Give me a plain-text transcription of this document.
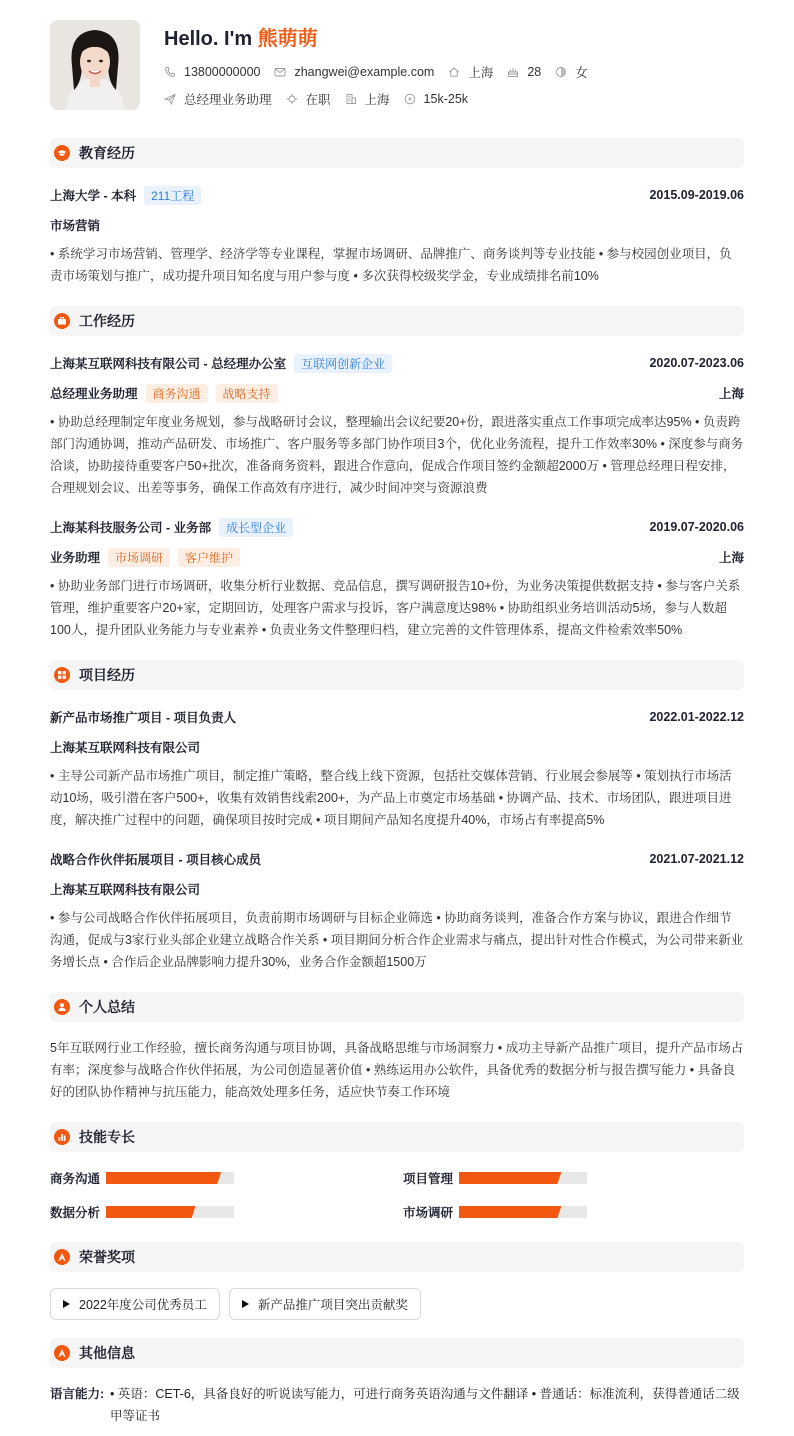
Hello. I'm 熊萌萌
13800000000	zhangwei@example.com	上海	28	女
总经理业务助理	在职	上海	15k-25k
教育经历
上海大学 - 本科 211工程	2015.09-2019.06
市场营销
• 系统学习市场营销、管理学、经济学等专业课程，掌握市场调研、品牌推广、商务谈判等专业技能 • 参与校园创业项目，负责市场策划与推广，成功提升项目知名度与用户参与度 • 多次获得校级奖学金，专业成绩排名前10%
工作经历
上海某互联网科技有限公司 - 总经理办公室 互联网创新企业	2020.07-2023.06
总经理业务助理 商务沟通 战略支持	上海
• 协助总经理制定年度业务规划，参与战略研讨会议，整理输出会议纪要20+份，跟进落实重点工作事项完成率达95% • 负责跨部门沟通协调，推动产品研发、市场推广、客户服务等多部门协作项目3个，优化业务流程，提升工作效率30% • 深度参与商务洽谈，协助接待重要客户50+批次，准备商务资料，跟进合作意向，促成合作项目签约金额超2000万 • 管理总经理日程安排，合理规划会议、出差等事务，确保工作高效有序进行，减少时间冲突与资源浪费
上海某科技服务公司 - 业务部 成长型企业	2019.07-2020.06
业务助理 市场调研 客户维护	上海
• 协助业务部门进行市场调研，收集分析行业数据、竞品信息，撰写调研报告10+份，为业务决策提供数据支持 • 参与客户关系管理，维护重要客户20+家，定期回访，处理客户需求与投诉，客户满意度达98% • 协助组织业务培训活动5场，参与人数超100人，提升团队业务能力与专业素养 • 负责业务文件整理归档，建立完善的文件管理体系，提高文件检索效率50%
项目经历
新产品市场推广项目 - 项目负责人	2022.01-2022.12
上海某互联网科技有限公司
• 主导公司新产品市场推广项目，制定推广策略，整合线上线下资源，包括社交媒体营销、行业展会参展等 • 策划执行市场活动10场，吸引潜在客户500+，收集有效销售线索200+，为产品上市奠定市场基础 • 协调产品、技术、市场团队，跟进项目进度，解决推广过程中的问题，确保项目按时完成 • 项目期间产品知名度提升40%，市场占有率提高5%
战略合作伙伴拓展项目 - 项目核心成员	2021.07-2021.12
上海某互联网科技有限公司
• 参与公司战略合作伙伴拓展项目，负责前期市场调研与目标企业筛选 • 协助商务谈判，准备合作方案与协议，跟进合作细节沟通，促成与3家行业头部企业建立战略合作关系 • 项目期间分析合作企业需求与痛点，提出针对性合作模式，为公司带来新业务增长点 • 合作后企业品牌影响力提升30%，业务合作金额超1500万
个人总结
5年互联网行业工作经验，擅长商务沟通与项目协调，具备战略思维与市场洞察力 • 成功主导新产品推广项目，提升产品市场占有率；深度参与战略合作伙伴拓展，为公司创造显著价值 • 熟练运用办公软件，具备优秀的数据分析与报告撰写能力 • 具备良好的团队协作精神与抗压能力，能高效处理多任务，适应快节奏工作环境
技能专长
商务沟通	项目管理
数据分析	市场调研
荣誉奖项
2022年度公司优秀员工	新产品推广项目突出贡献奖
其他信息
语言能力: • 英语：CET-6，具备良好的听说读写能力，可进行商务英语沟通与文件翻译 • 普通话：标准流利，获得普通话二级甲等证书
